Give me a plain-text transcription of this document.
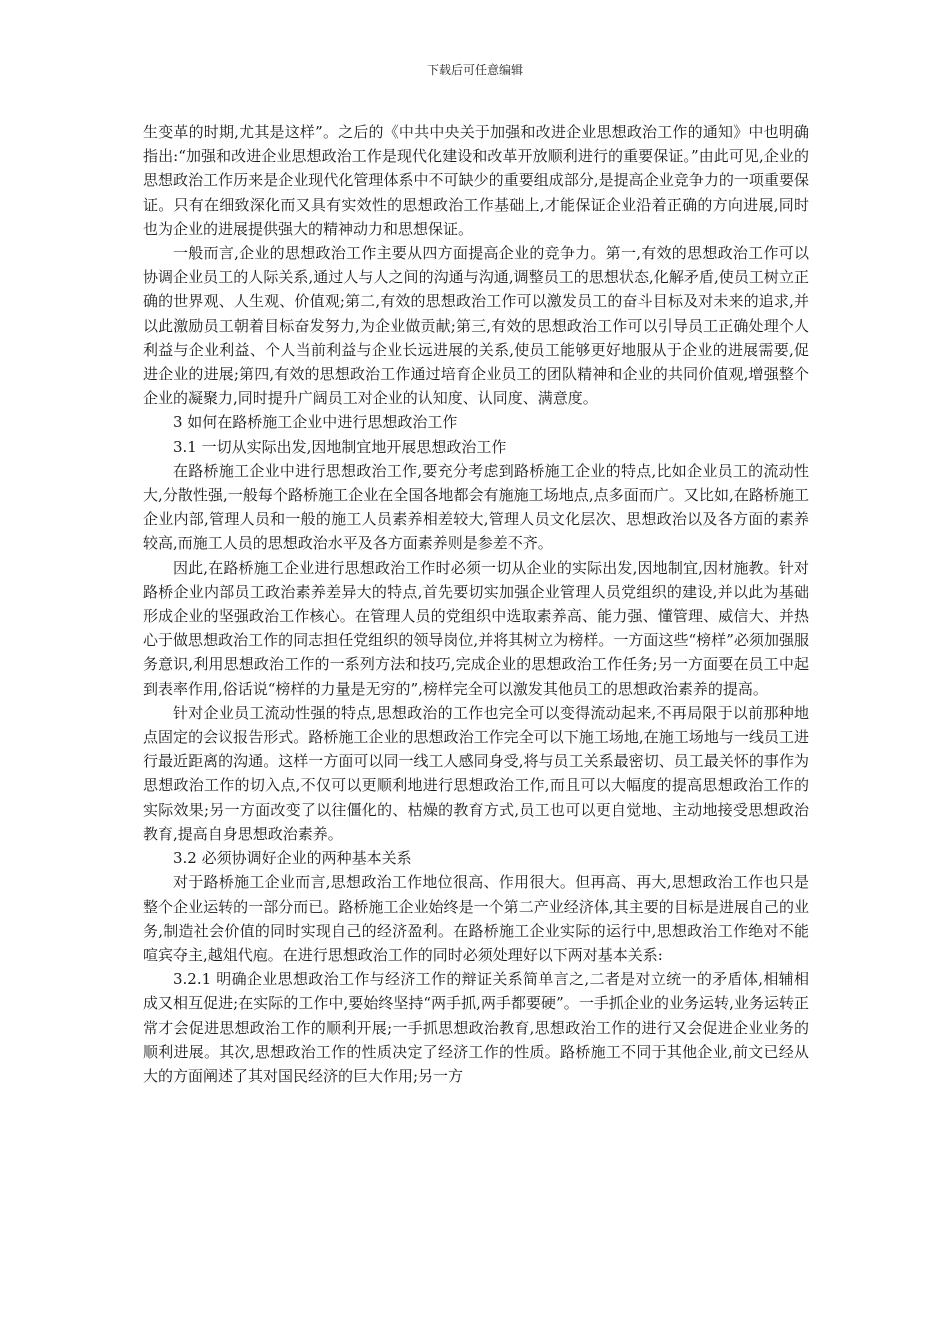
下载后可任意编辑

生变革的时期,尤其是这样”。之后的《中共中央关于加强和改进企业思想政治工作的通知》中也明确指出:“加强和改进企业思想政治工作是现代化建设和改革开放顺利进行的重要保证。”由此可见,企业的思想政治工作历来是企业现代化管理体系中不可缺少的重要组成部分,是提高企业竞争力的一项重要保证。只有在细致深化而又具有实效性的思想政治工作基础上,才能保证企业沿着正确的方向进展,同时也为企业的进展提供强大的精神动力和思想保证。

一般而言,企业的思想政治工作主要从四方面提高企业的竞争力。第一,有效的思想政治工作可以协调企业员工的人际关系,通过人与人之间的沟通与沟通,调整员工的思想状态,化解矛盾,使员工树立正确的世界观、人生观、价值观;第二,有效的思想政治工作可以激发员工的奋斗目标及对未来的追求,并以此激励员工朝着目标奋发努力,为企业做贡献;第三,有效的思想政治工作可以引导员工正确处理个人利益与企业利益、个人当前利益与企业长远进展的关系,使员工能够更好地服从于企业的进展需要,促进企业的进展;第四,有效的思想政治工作通过培育企业员工的团队精神和企业的共同价值观,增强整个企业的凝聚力,同时提升广阔员工对企业的认知度、认同度、满意度。

3 如何在路桥施工企业中进行思想政治工作

3.1 一切从实际出发,因地制宜地开展思想政治工作

在路桥施工企业中进行思想政治工作,要充分考虑到路桥施工企业的特点,比如企业员工的流动性大,分散性强,一般每个路桥施工企业在全国各地都会有施施工场地点,点多面而广。又比如,在路桥施工企业内部,管理人员和一般的施工人员素养相差较大,管理人员文化层次、思想政治以及各方面的素养较高,而施工人员的思想政治水平及各方面素养则是参差不齐。

因此,在路桥施工企业进行思想政治工作时必须一切从企业的实际出发,因地制宜,因材施教。针对路桥企业内部员工政治素养差异大的特点,首先要切实加强企业管理人员党组织的建设,并以此为基础形成企业的坚强政治工作核心。在管理人员的党组织中选取素养高、能力强、懂管理、威信大、并热心于做思想政治工作的同志担任党组织的领导岗位,并将其树立为榜样。一方面这些“榜样”必须加强服务意识,利用思想政治工作的一系列方法和技巧,完成企业的思想政治工作任务;另一方面要在员工中起到表率作用,俗话说“榜样的力量是无穷的”,榜样完全可以激发其他员工的思想政治素养的提高。

针对企业员工流动性强的特点,思想政治的工作也完全可以变得流动起来,不再局限于以前那种地点固定的会议报告形式。路桥施工企业的思想政治工作完全可以下施工场地,在施工场地与一线员工进行最近距离的沟通。这样一方面可以同一线工人感同身受,将与员工关系最密切、员工最关怀的事作为思想政治工作的切入点,不仅可以更顺利地进行思想政治工作,而且可以大幅度的提高思想政治工作的实际效果;另一方面改变了以往僵化的、枯燥的教育方式,员工也可以更自觉地、主动地接受思想政治教育,提高自身思想政治素养。

3.2 必须协调好企业的两种基本关系

对于路桥施工企业而言,思想政治工作地位很高、作用很大。但再高、再大,思想政治工作也只是整个企业运转的一部分而已。路桥施工企业始终是一个第二产业经济体,其主要的目标是进展自己的业务,制造社会价值的同时实现自己的经济盈利。在路桥施工企业实际的运行中,思想政治工作绝对不能喧宾夺主,越俎代庖。在进行思想政治工作的同时必须处理好以下两对基本关系:

3.2.1 明确企业思想政治工作与经济工作的辩证关系简单言之,二者是对立统一的矛盾体,相辅相成又相互促进;在实际的工作中,要始终坚持“两手抓,两手都要硬”。一手抓企业的业务运转,业务运转正常才会促进思想政治工作的顺利开展;一手抓思想政治教育,思想政治工作的进行又会促进企业业务的顺利进展。其次,思想政治工作的性质决定了经济工作的性质。路桥施工不同于其他企业,前文已经从大的方面阐述了其对国民经济的巨大作用;另一方
